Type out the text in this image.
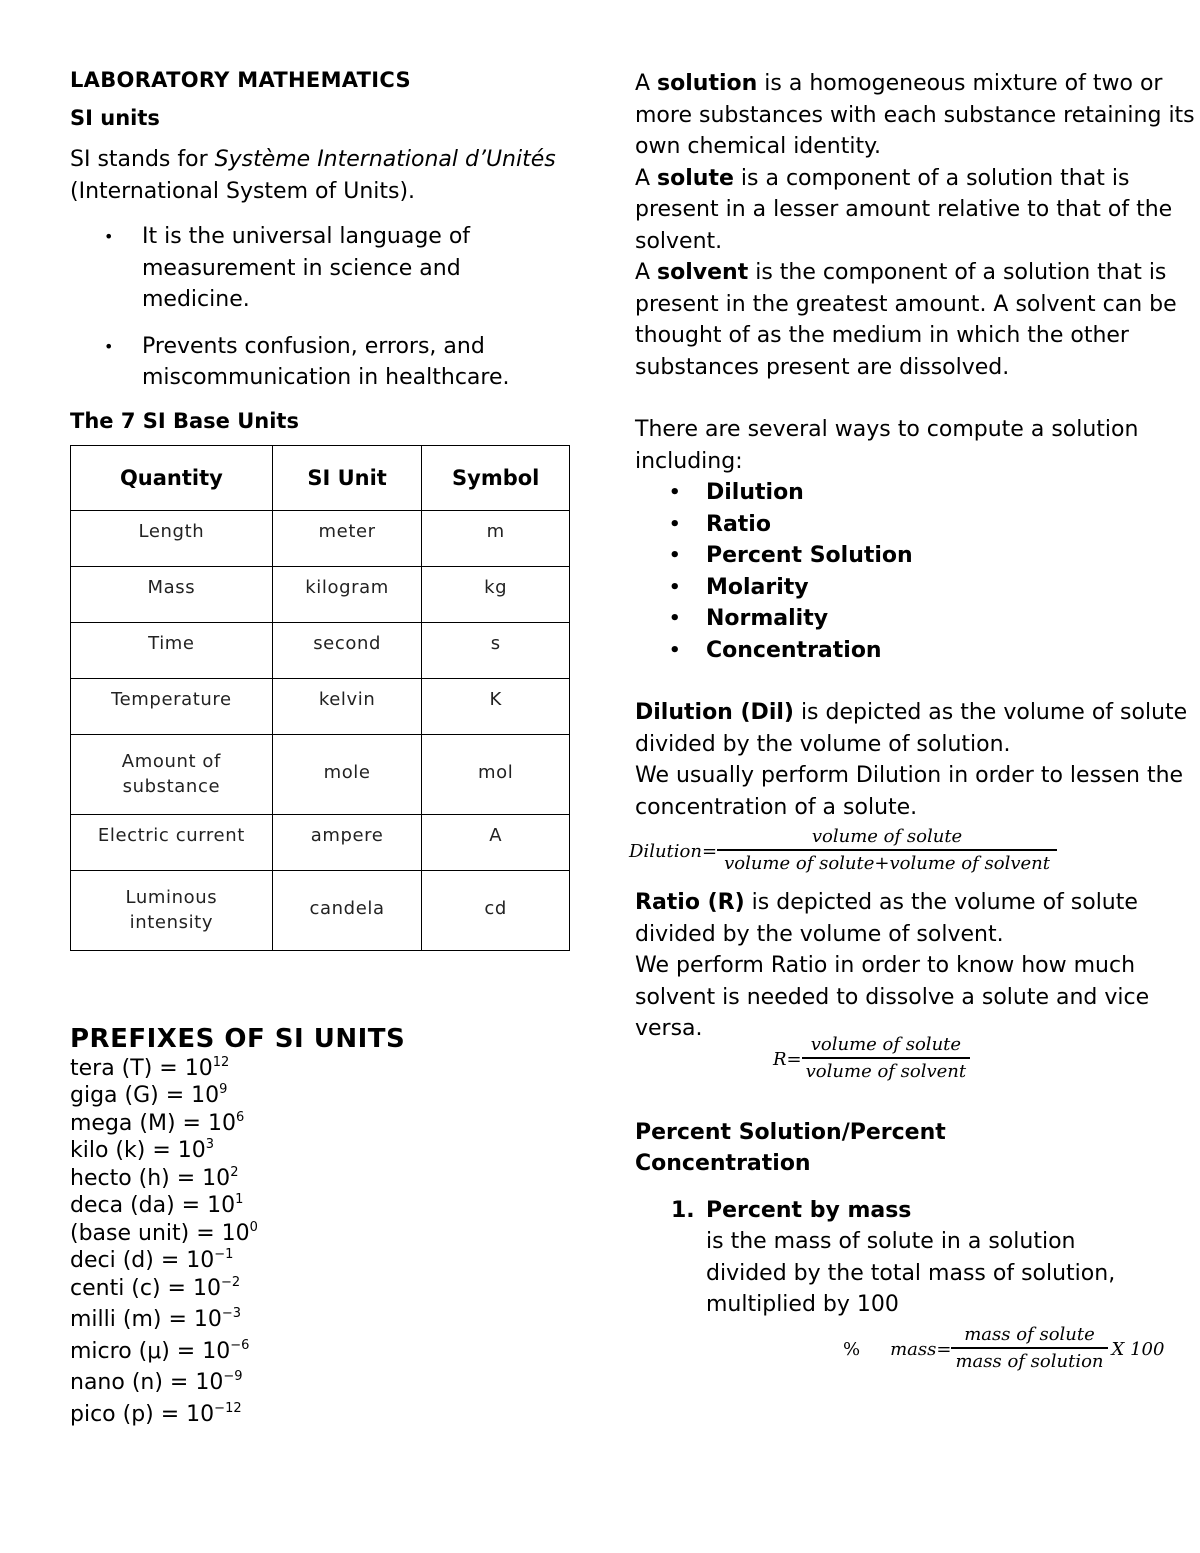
LABORATORY MATHEMATICS

SI units

SI stands for Système International d’Unités (International System of Units).

• It is the universal language of measurement in science and medicine.
• Prevents confusion, errors, and miscommunication in healthcare.

The 7 SI Base Units

Quantity	SI Unit	Symbol
Length	meter	m
Mass	kilogram	kg
Time	second	s
Temperature	kelvin	K
Amount of substance	mole	mol
Electric current	ampere	A
Luminous intensity	candela	cd

PREFIXES OF SI UNITS

tera $(T) = 10^{12}$
giga $(G) = 10^9$
mega $(M) = 10^6$
kilo $(k) = 10^3$
hecto $(h) = 10^2$
deca $(da) = 10^1$
(base unit) = $10^0$
deci $(d) = 10^{-1}$
centi $(c) = 10^{-2}$
milli $(m) = 10^{-3}$
micro $(\mu) = 10^{-6}$
nano $(n) = 10^{-9}$
pico $(p) = 10^{-12}$

A solution is a homogeneous mixture of two or more substances with each substance retaining its own chemical identity.

A solute is a component of a solution that is present in a lesser amount relative to that of the solvent.

A solvent is the component of a solution that is present in the greatest amount. A solvent can be thought of as the medium in which the other substances present are dissolved.

There are several ways to compute a solution including:

• Dilution
• Ratio
• Percent Solution
• Molarity
• Normality
• Concentration

Dilution (Dil) is depicted as the volume of solute divided by the volume of solution.

We usually perform Dilution in order to lessen the concentration of a solute.

Dilution= $\frac{\text{volume of solute}}{\text{volume of solute+volume of solvent}}$

Ratio (R) is depicted as the volume of solute divided by the volume of solvent.

We perform Ratio in order to know how much solvent is needed to dissolve a solute and vice versa.

$R= \frac{\text{volume of solute}}{\text{volume of solvent}}$

Percent Solution/Percent Concentration

1. Percent by mass

is the mass of solute in a solution divided by the total mass of solution, multiplied by 100

% mass= $\frac{\text{mass of solute}}{\text{mass of solution}}$ X 100
